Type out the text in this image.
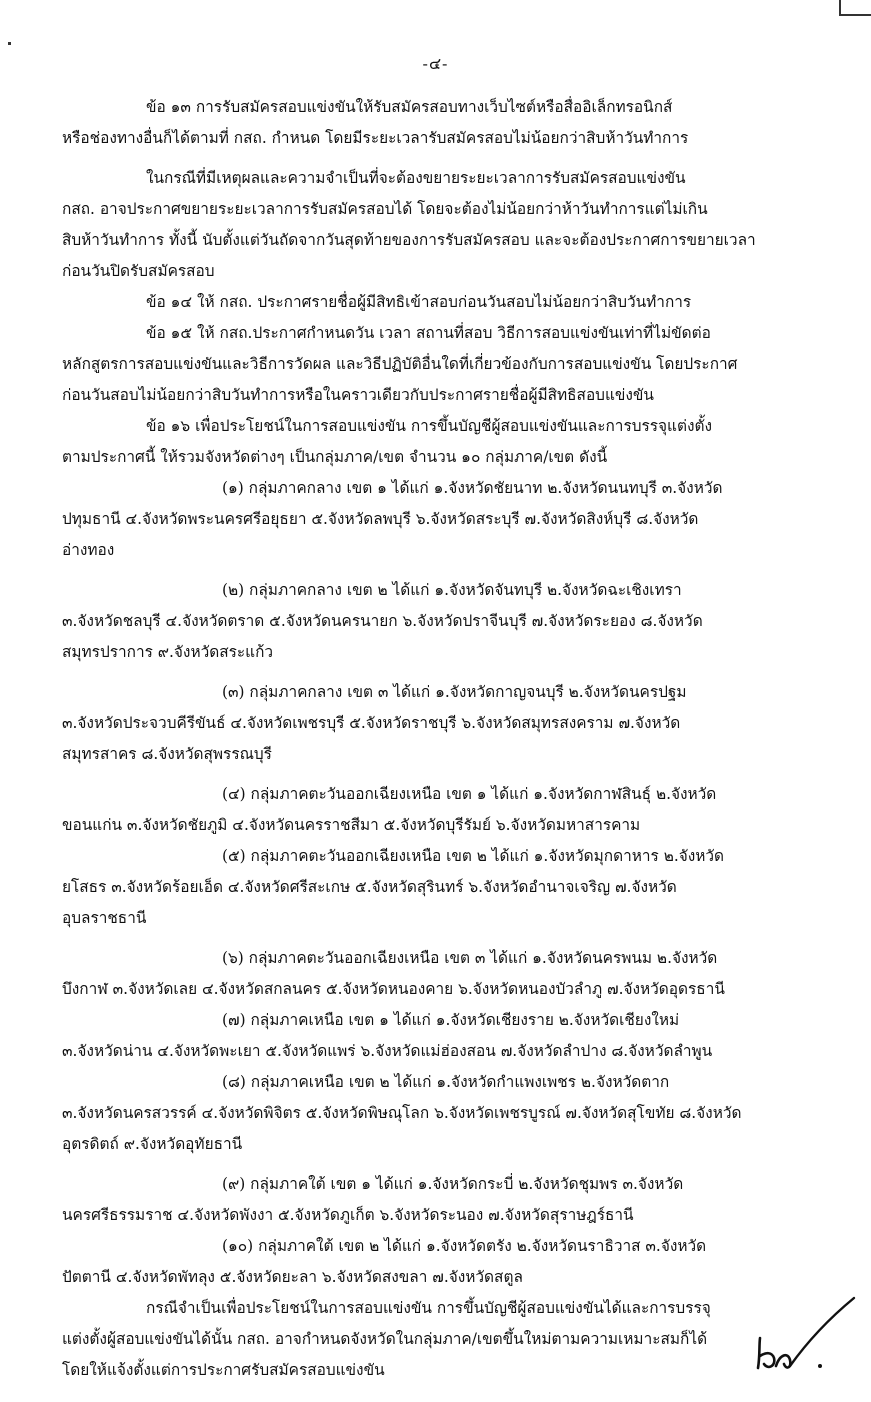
-๔-
ข้อ ๑๓ การรับสมัครสอบแข่งขันให้รับสมัครสอบทางเว็บไซต์หรือสื่ออิเล็กทรอนิกส์
หรือช่องทางอื่นก็ได้ตามที่ กสถ. กำหนด โดยมีระยะเวลารับสมัครสอบไม่น้อยกว่าสิบห้าวันทำการ
ในกรณีที่มีเหตุผลและความจำเป็นที่จะต้องขยายระยะเวลาการรับสมัครสอบแข่งขัน
กสถ. อาจประกาศขยายระยะเวลาการรับสมัครสอบได้ โดยจะต้องไม่น้อยกว่าห้าวันทำการแต่ไม่เกิน
สิบห้าวันทำการ ทั้งนี้ นับตั้งแต่วันถัดจากวันสุดท้ายของการรับสมัครสอบ และจะต้องประกาศการขยายเวลา
ก่อนวันปิดรับสมัครสอบ
ข้อ ๑๔ ให้ กสถ. ประกาศรายชื่อผู้มีสิทธิเข้าสอบก่อนวันสอบไม่น้อยกว่าสิบวันทำการ
ข้อ ๑๕ ให้ กสถ.ประกาศกำหนดวัน เวลา สถานที่สอบ วิธีการสอบแข่งขันเท่าที่ไม่ขัดต่อ
หลักสูตรการสอบแข่งขันและวิธีการวัดผล และวิธีปฏิบัติอื่นใดที่เกี่ยวข้องกับการสอบแข่งขัน โดยประกาศ
ก่อนวันสอบไม่น้อยกว่าสิบวันทำการหรือในคราวเดียวกับประกาศรายชื่อผู้มีสิทธิสอบแข่งขัน
ข้อ ๑๖ เพื่อประโยชน์ในการสอบแข่งขัน การขึ้นบัญชีผู้สอบแข่งขันและการบรรจุแต่งตั้ง
ตามประกาศนี้ ให้รวมจังหวัดต่างๆ เป็นกลุ่มภาค/เขต จำนวน ๑๐ กลุ่มภาค/เขต ดังนี้
(๑) กลุ่มภาคกลาง เขต ๑ ได้แก่ ๑.จังหวัดชัยนาท ๒.จังหวัดนนทบุรี ๓.จังหวัด
ปทุมธานี ๔.จังหวัดพระนครศรีอยุธยา ๕.จังหวัดลพบุรี ๖.จังหวัดสระบุรี ๗.จังหวัดสิงห์บุรี ๘.จังหวัด
อ่างทอง
(๒) กลุ่มภาคกลาง เขต ๒ ได้แก่ ๑.จังหวัดจันทบุรี ๒.จังหวัดฉะเชิงเทรา
๓.จังหวัดชลบุรี ๔.จังหวัดตราด ๕.จังหวัดนครนายก ๖.จังหวัดปราจีนบุรี ๗.จังหวัดระยอง ๘.จังหวัด
สมุทรปราการ ๙.จังหวัดสระแก้ว
(๓) กลุ่มภาคกลาง เขต ๓ ได้แก่ ๑.จังหวัดกาญจนบุรี ๒.จังหวัดนครปฐม
๓.จังหวัดประจวบคีรีขันธ์ ๔.จังหวัดเพชรบุรี ๕.จังหวัดราชบุรี ๖.จังหวัดสมุทรสงคราม ๗.จังหวัด
สมุทรสาคร ๘.จังหวัดสุพรรณบุรี
(๔) กลุ่มภาคตะวันออกเฉียงเหนือ เขต ๑ ได้แก่ ๑.จังหวัดกาฬสินธุ์ ๒.จังหวัด
ขอนแก่น ๓.จังหวัดชัยภูมิ ๔.จังหวัดนครราชสีมา ๕.จังหวัดบุรีรัมย์ ๖.จังหวัดมหาสารคาม
(๕) กลุ่มภาคตะวันออกเฉียงเหนือ เขต ๒ ได้แก่ ๑.จังหวัดมุกดาหาร ๒.จังหวัด
ยโสธร ๓.จังหวัดร้อยเอ็ด ๔.จังหวัดศรีสะเกษ ๕.จังหวัดสุรินทร์ ๖.จังหวัดอำนาจเจริญ ๗.จังหวัด
อุบลราชธานี
(๖) กลุ่มภาคตะวันออกเฉียงเหนือ เขต ๓ ได้แก่ ๑.จังหวัดนครพนม ๒.จังหวัด
บึงกาฬ ๓.จังหวัดเลย ๔.จังหวัดสกลนคร ๕.จังหวัดหนองคาย ๖.จังหวัดหนองบัวลำภู ๗.จังหวัดอุดรธานี
(๗) กลุ่มภาคเหนือ เขต ๑ ได้แก่ ๑.จังหวัดเชียงราย ๒.จังหวัดเชียงใหม่
๓.จังหวัดน่าน ๔.จังหวัดพะเยา ๕.จังหวัดแพร่ ๖.จังหวัดแม่ฮ่องสอน ๗.จังหวัดลำปาง ๘.จังหวัดลำพูน
(๘) กลุ่มภาคเหนือ เขต ๒ ได้แก่ ๑.จังหวัดกำแพงเพชร ๒.จังหวัดตาก
๓.จังหวัดนครสวรรค์ ๔.จังหวัดพิจิตร ๕.จังหวัดพิษณุโลก ๖.จังหวัดเพชรบูรณ์ ๗.จังหวัดสุโขทัย ๘.จังหวัด
อุตรดิตถ์ ๙.จังหวัดอุทัยธานี
(๙) กลุ่มภาคใต้ เขต ๑ ได้แก่ ๑.จังหวัดกระบี่ ๒.จังหวัดชุมพร ๓.จังหวัด
นครศรีธรรมราช ๔.จังหวัดพังงา ๕.จังหวัดภูเก็ต ๖.จังหวัดระนอง ๗.จังหวัดสุราษฎร์ธานี
(๑๐) กลุ่มภาคใต้ เขต ๒ ได้แก่ ๑.จังหวัดตรัง ๒.จังหวัดนราธิวาส ๓.จังหวัด
ปัตตานี ๔.จังหวัดพัทลุง ๕.จังหวัดยะลา ๖.จังหวัดสงขลา ๗.จังหวัดสตูล
กรณีจำเป็นเพื่อประโยชน์ในการสอบแข่งขัน การขึ้นบัญชีผู้สอบแข่งขันได้และการบรรจุ
แต่งตั้งผู้สอบแข่งขันได้นั้น กสถ. อาจกำหนดจังหวัดในกลุ่มภาค/เขตขึ้นใหม่ตามความเหมาะสมก็ได้
โดยให้แจ้งตั้งแต่การประกาศรับสมัครสอบแข่งขัน
